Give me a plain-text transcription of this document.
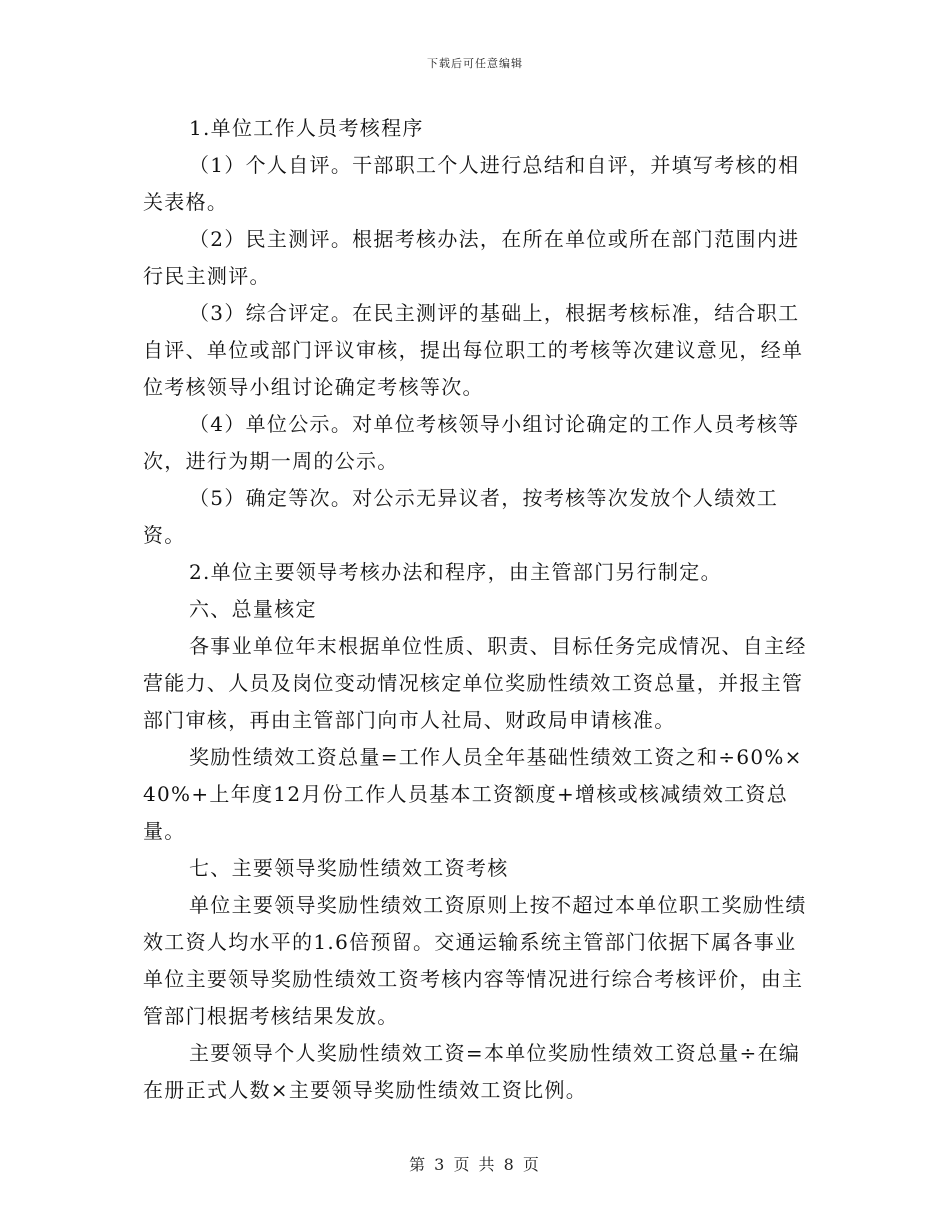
下载后可任意编辑

1.单位工作人员考核程序

（1）个人自评。干部职工个人进行总结和自评，并填写考核的相关表格。

（2）民主测评。根据考核办法，在所在单位或所在部门范围内进行民主测评。

（3）综合评定。在民主测评的基础上，根据考核标准，结合职工自评、单位或部门评议审核，提出每位职工的考核等次建议意见，经单位考核领导小组讨论确定考核等次。

（4）单位公示。对单位考核领导小组讨论确定的工作人员考核等次，进行为期一周的公示。

（5）确定等次。对公示无异议者，按考核等次发放个人绩效工资。

2.单位主要领导考核办法和程序，由主管部门另行制定。

六、总量核定

各事业单位年末根据单位性质、职责、目标任务完成情况、自主经营能力、人员及岗位变动情况核定单位奖励性绩效工资总量，并报主管部门审核，再由主管部门向市人社局、财政局申请核准。

奖励性绩效工资总量=工作人员全年基础性绩效工资之和÷60%×40%+上年度12月份工作人员基本工资额度+增核或核减绩效工资总量。

七、主要领导奖励性绩效工资考核

单位主要领导奖励性绩效工资原则上按不超过本单位职工奖励性绩效工资人均水平的1.6倍预留。交通运输系统主管部门依据下属各事业单位主要领导奖励性绩效工资考核内容等情况进行综合考核评价，由主管部门根据考核结果发放。

主要领导个人奖励性绩效工资=本单位奖励性绩效工资总量÷在编在册正式人数×主要领导奖励性绩效工资比例。

第 3 页 共 8 页
